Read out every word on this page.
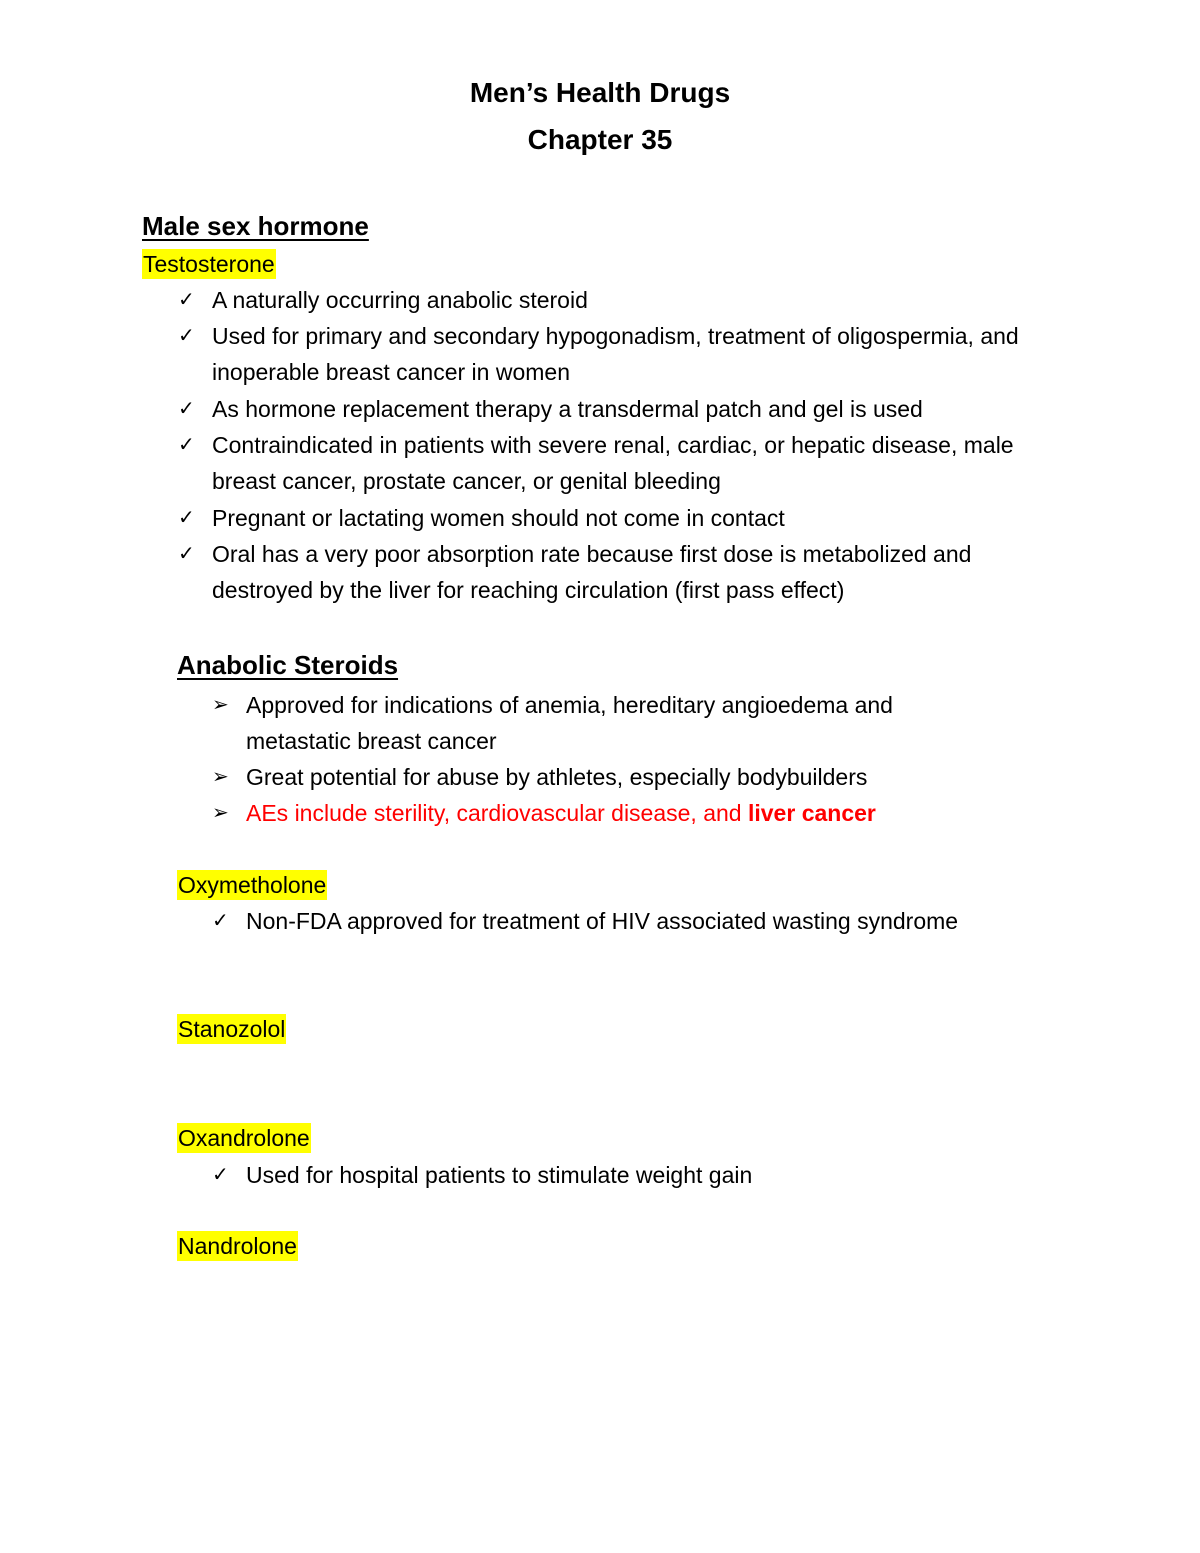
Men’s Health Drugs
Chapter 35
Male sex hormone
Testosterone
✓ A naturally occurring anabolic steroid
✓ Used for primary and secondary hypogonadism, treatment of oligospermia, and inoperable breast cancer in women
✓ As hormone replacement therapy a transdermal patch and gel is used
✓ Contraindicated in patients with severe renal, cardiac, or hepatic disease, male breast cancer, prostate cancer, or genital bleeding
✓ Pregnant or lactating women should not come in contact
✓ Oral has a very poor absorption rate because first dose is metabolized and destroyed by the liver for reaching circulation (first pass effect)
Anabolic Steroids
➢ Approved for indications of anemia, hereditary angioedema and metastatic breast cancer
➢ Great potential for abuse by athletes, especially bodybuilders
➢ AEs include sterility, cardiovascular disease, and liver cancer
Oxymetholone
✓ Non-FDA approved for treatment of HIV associated wasting syndrome
Stanozolol
Oxandrolone
✓ Used for hospital patients to stimulate weight gain
Nandrolone
